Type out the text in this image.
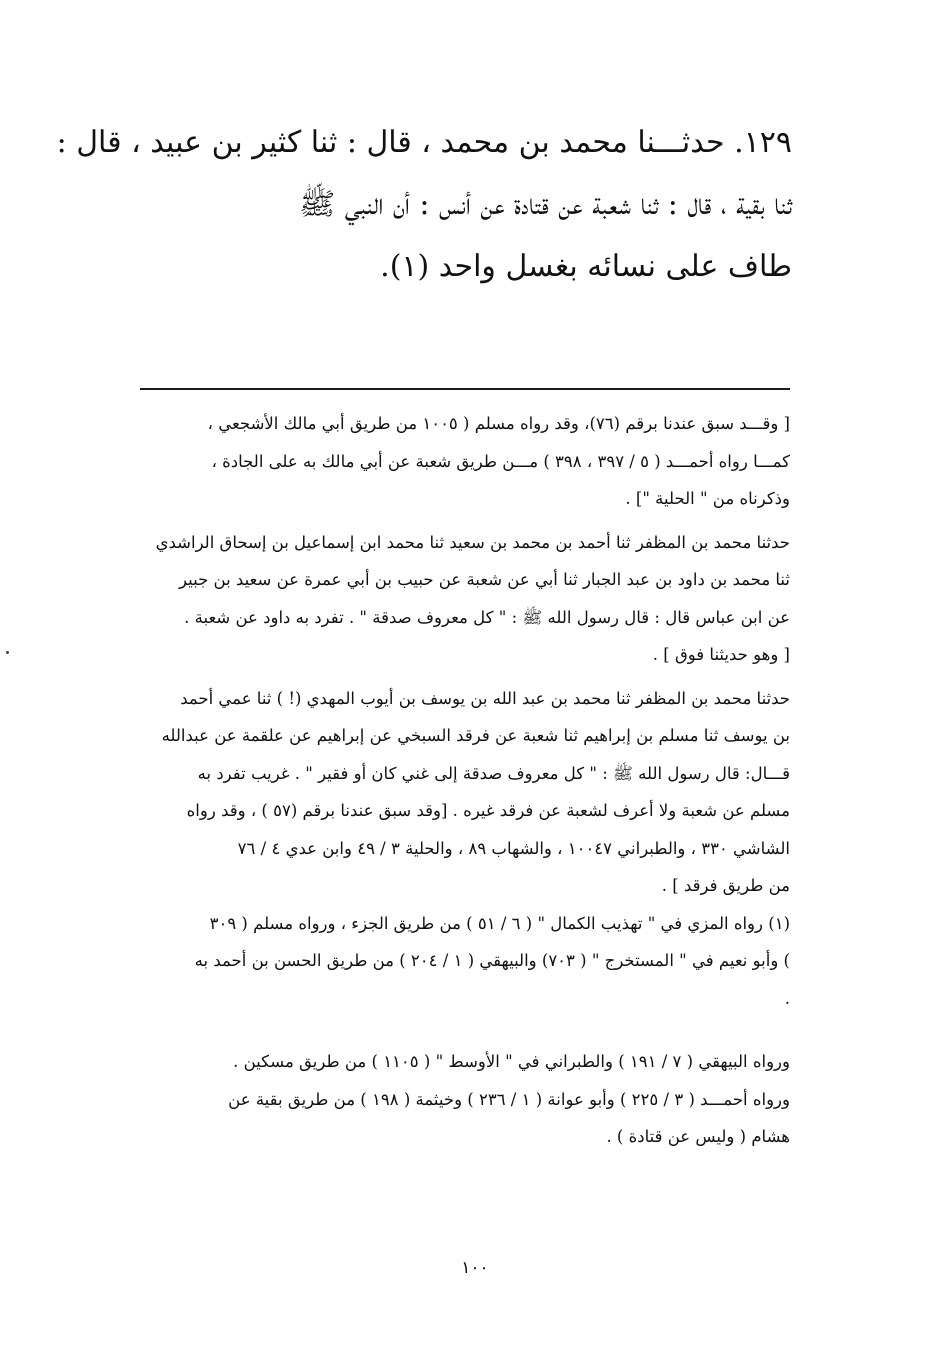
١٢٩. حدثـــنا محمد بن محمد ، قال : ثنا كثير بن عبيد ، قال :
ثنا بقية ، قال : ثنا شعبة عن قتادة عن أنس : أن النبي ﷺ
طاف على نسائه بغسل واحد (١).
[ وقـــد سبق عندنا برقم (٧٦)، وقد رواه مسلم ( ١٠٠٥ من طريق أبي مالك الأشجعي ،
كمـــا رواه أحمـــد ( ٥ / ٣٩٧ ، ٣٩٨ ) مـــن طريق شعبة عن أبي مالك به على الجادة ،
وذكرناه من " الحلية "] .
حدثنا محمد بن المظفر ثنا أحمد بن محمد بن سعيد ثنا محمد ابن إسماعيل بن إسحاق الراشدي
ثنا محمد بن داود بن عبد الجبار ثنا أبي عن شعبة عن حبيب بن أبي عمرة عن سعيد بن جبير
عن ابن عباس قال : قال رسول الله ﷺ : " كل معروف صدقة " . تفرد به داود عن شعبة .
[ وهو حديثنا فوق ] .
حدثنا محمد بن المظفر ثنا محمد بن عبد الله بن يوسف بن أيوب المهدي (! ) ثنا عمي أحمد
بن يوسف ثنا مسلم بن إبراهيم ثنا شعبة عن فرقد السبخي عن إبراهيم عن علقمة عن عبدالله
قـــال: قال رسول الله ﷺ : " كل معروف صدقة إلى غني كان أو فقير " . غريب تفرد به
مسلم عن شعبة ولا أعرف لشعبة عن فرقد غيره . [وقد سبق عندنا برقم (٥٧ ) ، وقد رواه
الشاشي ٣٣٠ ، والطبراني ١٠٠٤٧ ، والشهاب ٨٩ ، والحلية ٣ / ٤٩ وابن عدي ٤ / ٧٦
من طريق فرقد ] .
(١) رواه المزي في " تهذيب الكمال " ( ٦ / ٥١ ) من طريق الجزء ، ورواه مسلم ( ٣٠٩
) وأبو نعيم في " المستخرج " ( ٧٠٣) والبيهقي ( ١ / ٢٠٤ ) من طريق الحسن بن أحمد به
.
ورواه البيهقي ( ٧ / ١٩١ ) والطبراني في " الأوسط " ( ١١٠٥ ) من طريق مسكين .
ورواه أحمـــد ( ٣ / ٢٢٥ ) وأبو عوانة ( ١ / ٢٣٦ ) وخيثمة ( ١٩٨ ) من طريق بقية عن
هشام ( وليس عن قتادة ) .
١٠٠
